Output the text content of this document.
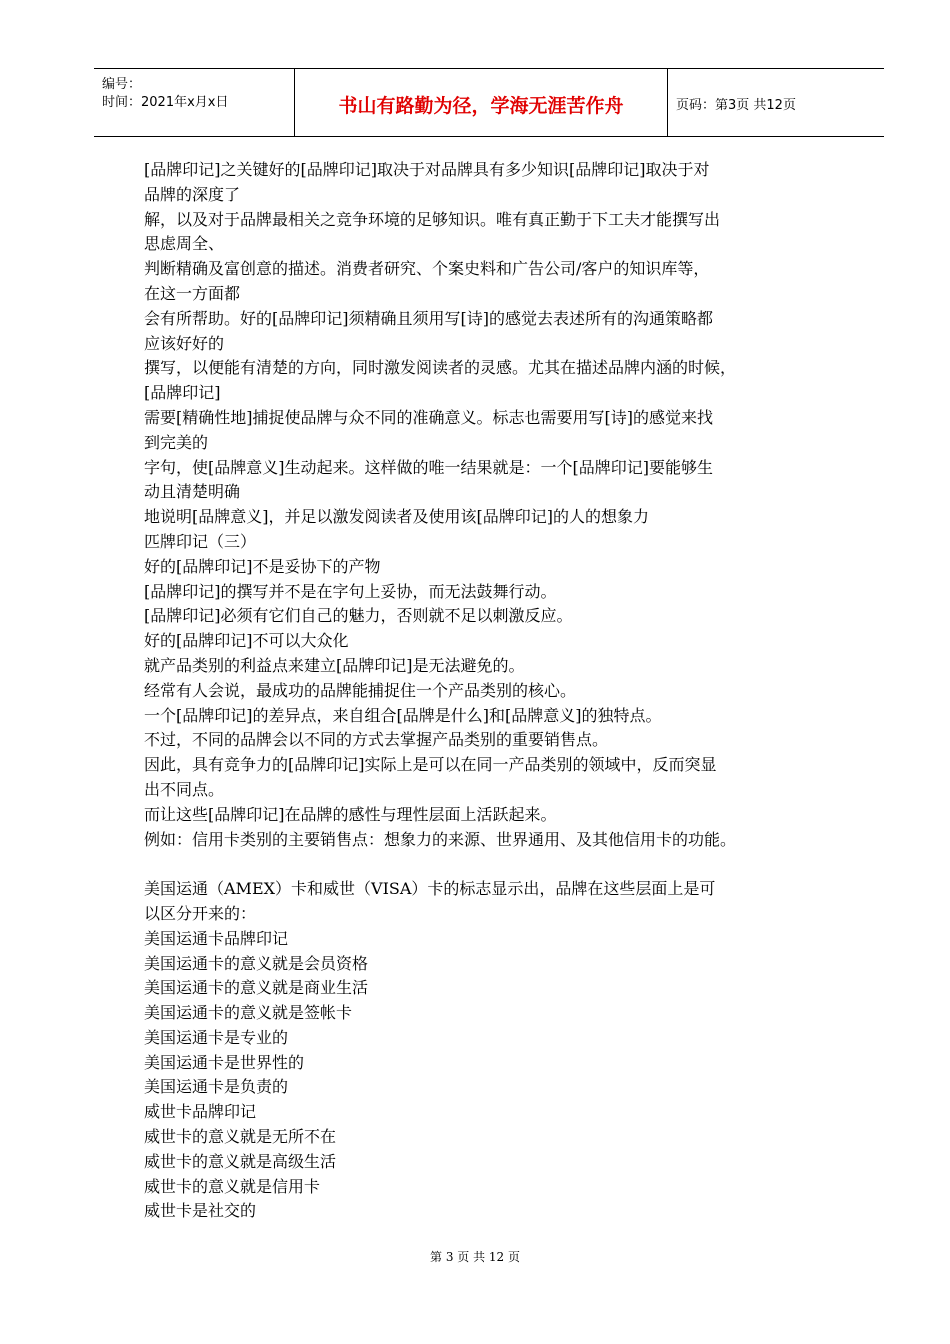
编号：
时间：2021年x月x日	书山有路勤为径，学海无涯苦作舟	页码：第3页 共12页
[品牌印记]之关键好的[品牌印记]取决于对品牌具有多少知识[品牌印记]取决于对
品牌的深度了
解，以及对于品牌最相关之竞争环境的足够知识。唯有真正勤于下工夫才能撰写出
思虑周全、
判断精确及富创意的描述。消费者研究、个案史料和广告公司/客户的知识库等，
在这一方面都
会有所帮助。好的[品牌印记]须精确且须用写[诗]的感觉去表述所有的沟通策略都
应该好好的
撰写，以便能有清楚的方向，同时激发阅读者的灵感。尤其在描述品牌内涵的时候，
[品牌印记]
需要[精确性地]捕捉使品牌与众不同的准确意义。标志也需要用写[诗]的感觉来找
到完美的
字句，使[品牌意义]生动起来。这样做的唯一结果就是：一个[品牌印记]要能够生
动且清楚明确
地说明[品牌意义]，并足以激发阅读者及使用该[品牌印记]的人的想象力
匹牌印记（三）
好的[品牌印记]不是妥协下的产物
[品牌印记]的撰写并不是在字句上妥协，而无法鼓舞行动。
[品牌印记]必须有它们自己的魅力，否则就不足以刺激反应。
好的[品牌印记]不可以大众化
就产品类别的利益点来建立[品牌印记]是无法避免的。
经常有人会说，最成功的品牌能捕捉住一个产品类别的核心。
一个[品牌印记]的差异点，来自组合[品牌是什么]和[品牌意义]的独特点。
不过，不同的品牌会以不同的方式去掌握产品类别的重要销售点。
因此，具有竞争力的[品牌印记]实际上是可以在同一产品类别的领域中，反而突显
出不同点。
而让这些[品牌印记]在品牌的感性与理性层面上活跃起来。
例如：信用卡类别的主要销售点：想象力的来源、世界通用、及其他信用卡的功能。
美国运通（AMEX）卡和威世（VISA）卡的标志显示出，品牌在这些层面上是可
以区分开来的：
美国运通卡品牌印记
美国运通卡的意义就是会员资格
美国运通卡的意义就是商业生活
美国运通卡的意义就是签帐卡
美国运通卡是专业的
美国运通卡是世界性的
美国运通卡是负责的
威世卡品牌印记
威世卡的意义就是无所不在
威世卡的意义就是高级生活
威世卡的意义就是信用卡
威世卡是社交的
第 3 页 共 12 页
